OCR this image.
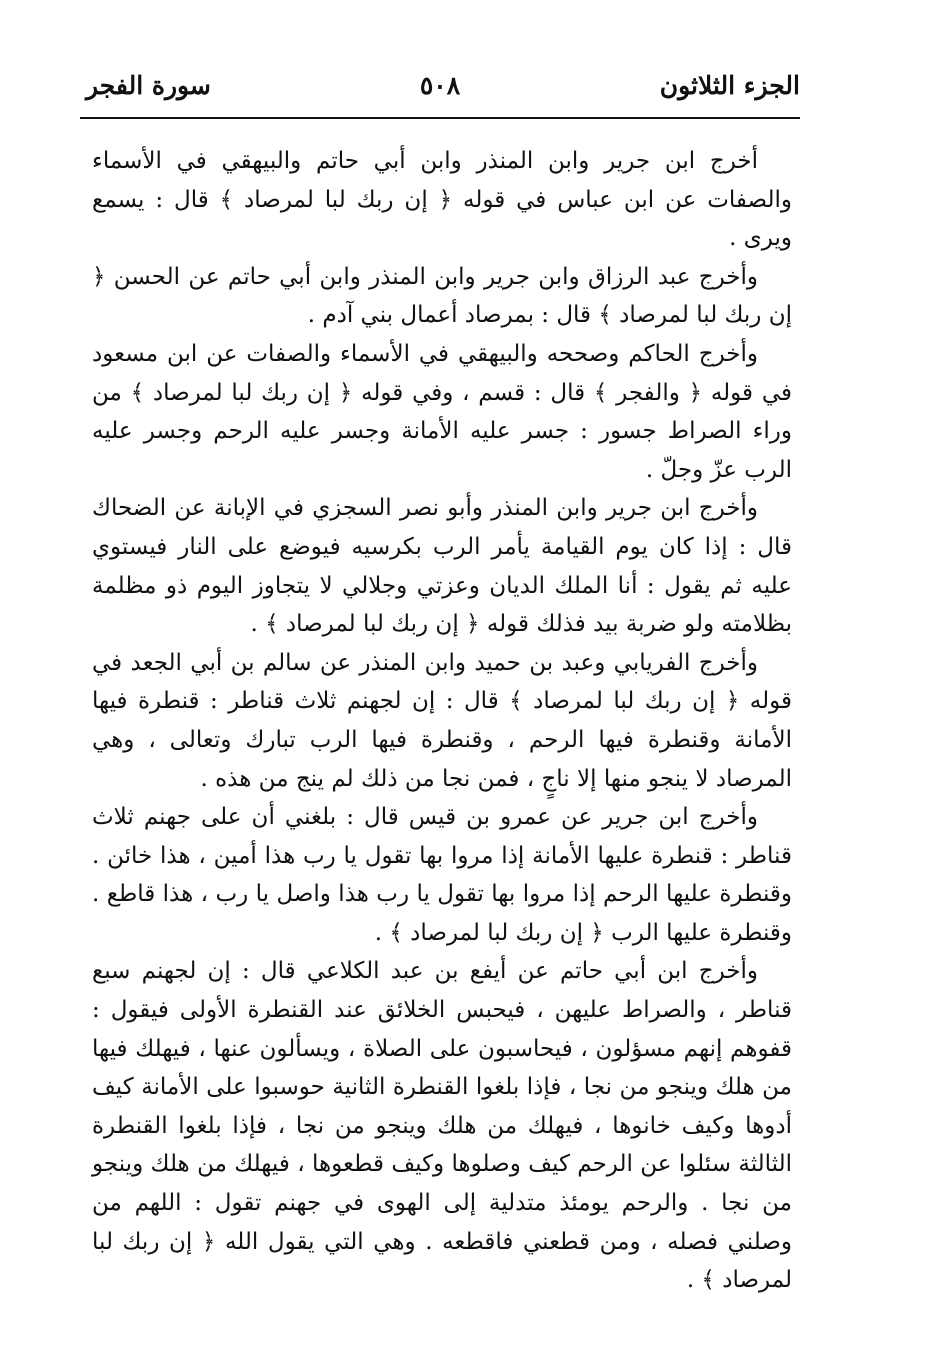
الجزء الثلاثون
٥٠٨
سورة الفجر

أخرج ابن جرير وابن المنذر وابن أبي حاتم والبيهقي في الأسماء والصفات عن ابن عباس في قوله ﴿ إن ربك لبا لمرصاد ﴾ قال : يسمع ويرى .

وأخرج عبد الرزاق وابن جرير وابن المنذر وابن أبي حاتم عن الحسن ﴿ إن ربك لبا لمرصاد ﴾ قال : بمرصاد أعمال بني آدم .

وأخرج الحاكم وصححه والبيهقي في الأسماء والصفات عن ابن مسعود في قوله ﴿ والفجر ﴾ قال : قسم ، وفي قوله ﴿ إن ربك لبا لمرصاد ﴾ من وراء الصراط جسور : جسر عليه الأمانة وجسر عليه الرحم وجسر عليه الرب عزّ وجلّ .

وأخرج ابن جرير وابن المنذر وأبو نصر السجزي في الإبانة عن الضحاك قال : إذا كان يوم القيامة يأمر الرب بكرسيه فيوضع على النار فيستوي عليه ثم يقول : أنا الملك الديان وعزتي وجلالي لا يتجاوز اليوم ذو مظلمة بظلامته ولو ضربة بيد فذلك قوله ﴿ إن ربك لبا لمرصاد ﴾ .

وأخرج الفريابي وعبد بن حميد وابن المنذر عن سالم بن أبي الجعد في قوله ﴿ إن ربك لبا لمرصاد ﴾ قال : إن لجهنم ثلاث قناطر : قنطرة فيها الأمانة وقنطرة فيها الرحم ، وقنطرة فيها الرب تبارك وتعالى ، وهي المرصاد لا ينجو منها إلا ناجٍ ، فمن نجا من ذلك لم ينج من هذه .

وأخرج ابن جرير عن عمرو بن قيس قال : بلغني أن على جهنم ثلاث قناطر : قنطرة عليها الأمانة إذا مروا بها تقول يا رب هذا أمين ، هذا خائن . وقنطرة عليها الرحم إذا مروا بها تقول يا رب هذا واصل يا رب ، هذا قاطع . وقنطرة عليها الرب ﴿ إن ربك لبا لمرصاد ﴾ .

وأخرج ابن أبي حاتم عن أيفع بن عبد الكلاعي قال : إن لجهنم سبع قناطر ، والصراط عليهن ، فيحبس الخلائق عند القنطرة الأولى فيقول : قفوهم إنهم مسؤلون ، فيحاسبون على الصلاة ، ويسألون عنها ، فيهلك فيها من هلك وينجو من نجا ، فإذا بلغوا القنطرة الثانية حوسبوا على الأمانة كيف أدوها وكيف خانوها ، فيهلك من هلك وينجو من نجا ، فإذا بلغوا القنطرة الثالثة سئلوا عن الرحم كيف وصلوها وكيف قطعوها ، فيهلك من هلك وينجو من نجا . والرحم يومئذ متدلية إلى الهوى في جهنم تقول : اللهم من وصلني فصله ، ومن قطعني فاقطعه . وهي التي يقول الله ﴿ إن ربك لبا لمرصاد ﴾ .
